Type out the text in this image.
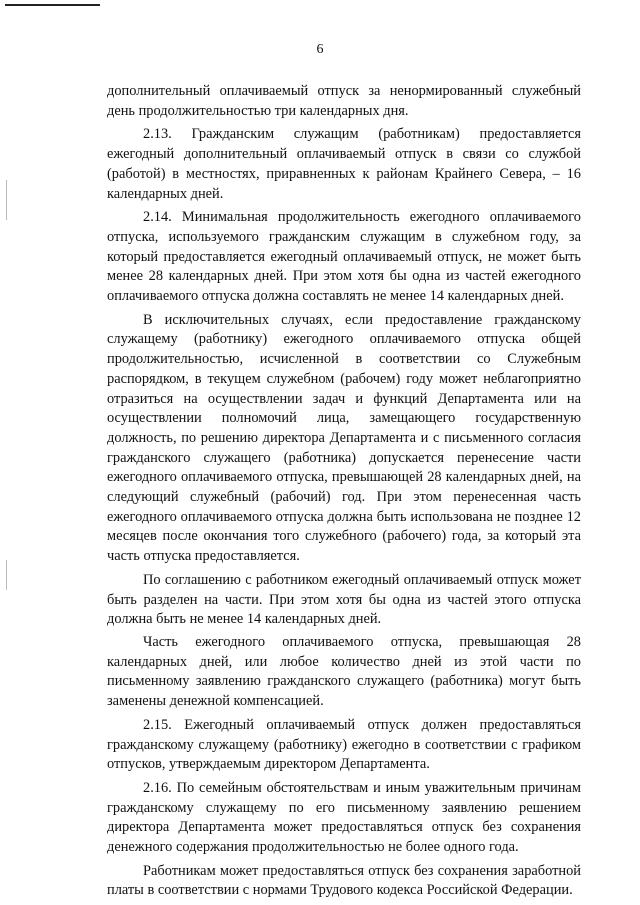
6

дополнительный оплачиваемый отпуск за ненормированный служебный день продолжительностью три календарных дня.

2.13. Гражданским служащим (работникам) предоставляется ежегодный дополнительный оплачиваемый отпуск в связи со службой (работой) в местностях, приравненных к районам Крайнего Севера, – 16 календарных дней.

2.14. Минимальная продолжительность ежегодного оплачиваемого отпуска, используемого гражданским служащим в служебном году, за который предоставляется ежегодный оплачиваемый отпуск, не может быть менее 28 календарных дней. При этом хотя бы одна из частей ежегодного оплачиваемого отпуска должна составлять не менее 14 календарных дней.

В исключительных случаях, если предоставление гражданскому служащему (работнику) ежегодного оплачиваемого отпуска общей продолжительностью, исчисленной в соответствии со Служебным распорядком, в текущем служебном (рабочем) году может неблагоприятно отразиться на осуществлении задач и функций Департамента или на осуществлении полномочий лица, замещающего государственную должность, по решению директора Департамента и с письменного согласия гражданского служащего (работника) допускается перенесение части ежегодного оплачиваемого отпуска, превышающей 28 календарных дней, на следующий служебный (рабочий) год. При этом перенесенная часть ежегодного оплачиваемого отпуска должна быть использована не позднее 12 месяцев после окончания того служебного (рабочего) года, за который эта часть отпуска предоставляется.

По соглашению с работником ежегодный оплачиваемый отпуск может быть разделен на части. При этом хотя бы одна из частей этого отпуска должна быть не менее 14 календарных дней.

Часть ежегодного оплачиваемого отпуска, превышающая 28 календарных дней, или любое количество дней из этой части по письменному заявлению гражданского служащего (работника) могут быть заменены денежной компенсацией.

2.15. Ежегодный оплачиваемый отпуск должен предоставляться гражданскому служащему (работнику) ежегодно в соответствии с графиком отпусков, утверждаемым директором Департамента.

2.16. По семейным обстоятельствам и иным уважительным причинам гражданскому служащему по его письменному заявлению решением директора Департамента может предоставляться отпуск без сохранения денежного содержания продолжительностью не более одного года.

Работникам может предоставляться отпуск без сохранения заработной платы в соответствии с нормами Трудового кодекса Российской Федерации.
